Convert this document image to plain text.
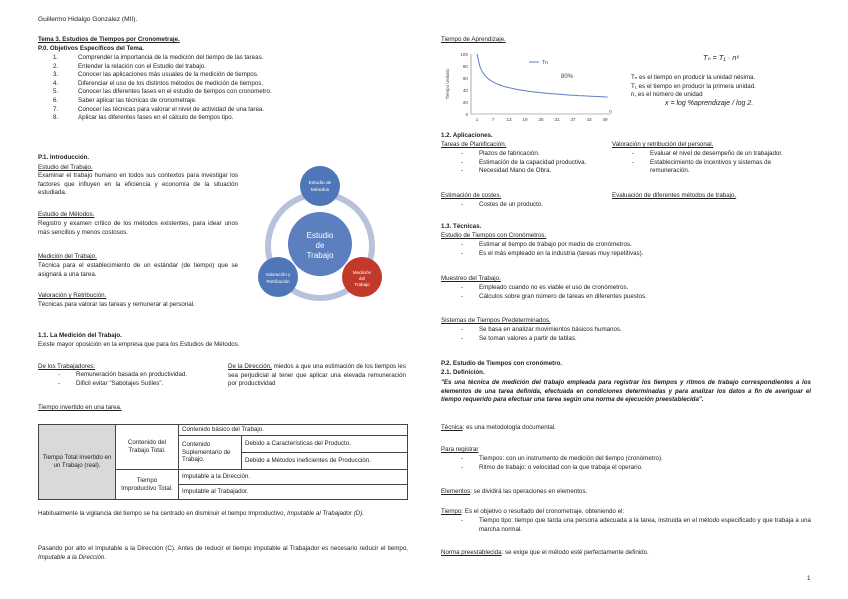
Guillermo Hidalgo Gonzalez (MII).
Tema 3. Estudios de Tiempos por Cronometraje.
P.0. Objetivos Específicos del Tema.
1.	Comprender la importancia de la medición del tiempo de las tareas.
2.	Entender la relación con el Estudio del trabajo.
3.	Conocer las aplicaciones más usuales de la medición de tiempos.
4.	Diferenciar el uso de los distintos métodos de medición de tiempos.
5.	Conocer las diferentes fases en el estudio de tiempos con cronometro.
6.	Saber aplicar las técnicas de cronometraje.
7.	Conocer las técnicas para valorar el nivel de actividad de una tarea.
8.	Aplicar las diferentes fases en el cálculo de tiempos tipo.
P.1. Introducción.
Estudio del Trabajo.
Examinar el trabajo humano en todos sus contextos para investigar los factores que influyen en la eficiencia y economía de la situación estudiada.
Estudio de Métodos.
Registro y examen crítico de los métodos existentes, para idear unos más sencillos y menos costosos.
Medición del Trabajo.
Técnica para el establecimiento de un estándar (de tiempo) que se asignará a una tarea.
Valoración y Retribución.
Técnicas para valorar las tareas y remunerar al personal.
Estudio
de
Trabajo
Estudio de
Métodos
Valoración y
Retribución
Medición
del
Trabajo
1.1. La Medición del Trabajo.
Existe mayor oposición en la empresa que para los Estudios de Métodos.
De los Trabajadores:
- Remuneración basada en productividad.
- Dificil evitar "Sabotajes Sutiles".
De la Dirección, miedos a que una estimación de los tiempos les sea perjudicial al tener que aplicar una elevada remuneración por productividad
Tiempo invertido en una tarea.
Tiempo Total invertido en un Trabajo (real).	Contenido del Trabajo Total.	Contenido básico del Trabajo.	
		Contenido Suplementario de Trabajo.	Debido a Características del Producto.
			Debido a Métodos ineficientes de Producción.
	Tiempo Improductivo Total.	Imputable a la Dirección.	
		Imputable al Trabajador.	
Habitualmente la vigilancia del tiempo se ha centrado en disminuir el tiempo Improductivo, Imputable al Trabajador (D).
Pasando por alto el Imputable a la Dirección (C). Antes de reducir el tiempo imputable al Trabajador es necesario reducir el tiempo, Imputable a la Dirección.
Tiempo de Aprendizaje.
100
80
60
40
20
0
1	7	13 19 25 31 37 43 49
Tiempo Unitario
Tn
80%
n
Tₙ = T₁ · nˣ
Tₙ es el tiempo en producir la unidad nésima.
T₁ es el tiempo en producir la primera unidad.
n, es el número de unidad
x = log %aprendizaje / log 2.
1.2. Aplicaciones.
Tareas de Planificación.
- Plazos de fabricación.
- Estimación de la capacidad productiva.
- Necesidad Mano de Obra.
Valoración y retribución del personal.
- Evaluar el nivel de desempeño de un trabajador.
- Establecimiento de incentivos y sistemas de remuneración.
Estimación de costes.
- Costes de un producto.
Evaluación de diferentes métodos de trabajo.
1.3. Técnicas.
Estudio de Tiempos con Cronómetros.
- Estimar el tiempo de trabajo por medio de cronómetros.
- Es el más empleado en la industria (tareas muy repetitivas).
Muestreo del Trabajo.
- Empleado cuando no es viable el uso de cronómetros.
- Cálculos sobre gran número de tareas en diferentes puestos.
Sistemas de Tiempos Predeterminados.
- Se basa en analizar movimientos básicos humanos.
- Se toman valores a partir de tablas.
P.2. Estudio de Tiempos con cronómetro.
2.1. Definición.
"Es una técnica de medición del trabajo empleada para registrar los tiempos y ritmos de trabajo correspondientes a los elementos de una tarea definida, efectuada en condiciones determinadas y para analizar los datos a fin de averiguar el tiempo requerido para efectuar una tarea según una norma de ejecución preestablecida".
Técnica: es una metodología documental.
Para registrar
- Tiempos: con un instrumento de medición del tiempo (cronómetro).
- Ritmo de trabajo: o velocidad con la que trabaja el operario.
Elementos: se dividirá las operaciones en elementos.
Tiempo: Es el objetivo o resultado del cronometraje, obteniendo el:
- Tiempo tipo: tiempo que tarda una persona adecuada a la tarea, instruida en el método especificado y que trabaja a una marcha normal.
Norma preestablecida: se exige que el método esté perfectamente definido.
1
